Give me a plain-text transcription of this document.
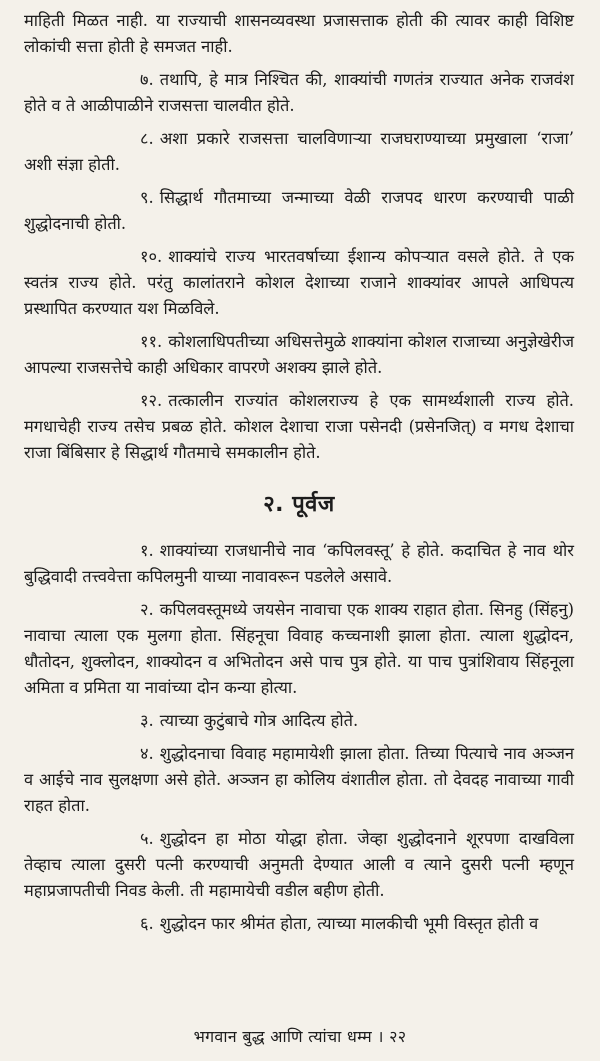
माहिती मिळत नाही. या राज्याची शासनव्यवस्था प्रजासत्ताक होती की त्यावर काही विशिष्ट लोकांची सत्ता होती हे समजत नाही.

७. तथापि, हे मात्र निश्चित की, शाक्यांची गणतंत्र राज्यात अनेक राजवंश होते व ते आळीपाळीने राजसत्ता चालवीत होते.

८. अशा प्रकारे राजसत्ता चालविणाऱ्या राजघराण्याच्या प्रमुखाला ‘राजा’ अशी संज्ञा होती.

९. सिद्धार्थ गौतमाच्या जन्माच्या वेळी राजपद धारण करण्याची पाळी शुद्धोदनाची होती.

१०. शाक्यांचे राज्य भारतवर्षाच्या ईशान्य कोपऱ्यात वसले होते. ते एक स्वतंत्र राज्य होते. परंतु कालांतराने कोशल देशाच्या राजाने शाक्यांवर आपले आधिपत्य प्रस्थापित करण्यात यश मिळविले.

११. कोशलाधिपतीच्या अधिसत्तेमुळे शाक्यांना कोशल राजाच्या अनुज्ञेखेरीज आपल्या राजसत्तेचे काही अधिकार वापरणे अशक्य झाले होते.

१२. तत्कालीन राज्यांत कोशलराज्य हे एक सामर्थ्यशाली राज्य होते. मगधाचेही राज्य तसेच प्रबळ होते. कोशल देशाचा राजा पसेनदी (प्रसेनजित्) व मगध देशाचा राजा बिंबिसार हे सिद्धार्थ गौतमाचे समकालीन होते.

२. पूर्वज

१. शाक्यांच्या राजधानीचे नाव ‘कपिलवस्तू’ हे होते. कदाचित हे नाव थोर बुद्धिवादी तत्त्ववेत्ता कपिलमुनी याच्या नावावरून पडलेले असावे.

२. कपिलवस्तूमध्ये जयसेन नावाचा एक शाक्य राहात होता. सिनहु (सिंहनु) नावाचा त्याला एक मुलगा होता. सिंहनूचा विवाह कच्चनाशी झाला होता. त्याला शुद्धोदन, धौतोदन, शुक्लोदन, शाक्योदन व अभितोदन असे पाच पुत्र होते. या पाच पुत्रांशिवाय सिंहनूला अमिता व प्रमिता या नावांच्या दोन कन्या होत्या.

३. त्याच्या कुटुंबाचे गोत्र आदित्य होते.

४. शुद्धोदनाचा विवाह महामायेशी झाला होता. तिच्या पित्याचे नाव अञ्जन व आईचे नाव सुलक्षणा असे होते. अञ्जन हा कोलिय वंशातील होता. तो देवदह नावाच्या गावी राहत होता.

५. शुद्धोदन हा मोठा योद्धा होता. जेव्हा शुद्धोदनाने शूरपणा दाखविला तेव्हाच त्याला दुसरी पत्नी करण्याची अनुमती देण्यात आली व त्याने दुसरी पत्नी म्हणून महाप्रजापतीची निवड केली. ती महामायेची वडील बहीण होती.

६. शुद्धोदन फार श्रीमंत होता, त्याच्या मालकीची भूमी विस्तृत होती व

भगवान बुद्ध आणि त्यांचा धम्म । २२
